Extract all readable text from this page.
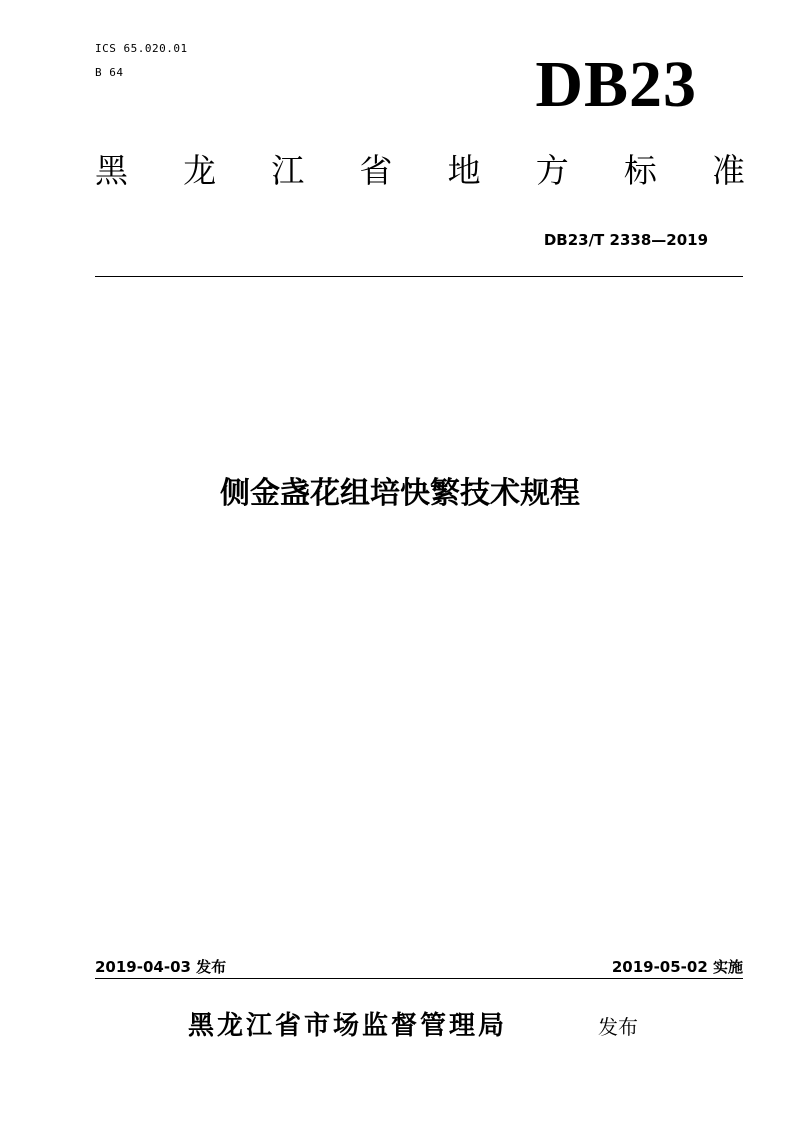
ICS 65.020.01
B 64	DB23
黑 龙 江 省 地 方 标 准
DB23/T 2338—2019
侧金盏花组培快繁技术规程
2019-04-03 发布	2019-05-02 实施
黑龙江省市场监督管理局	发布
